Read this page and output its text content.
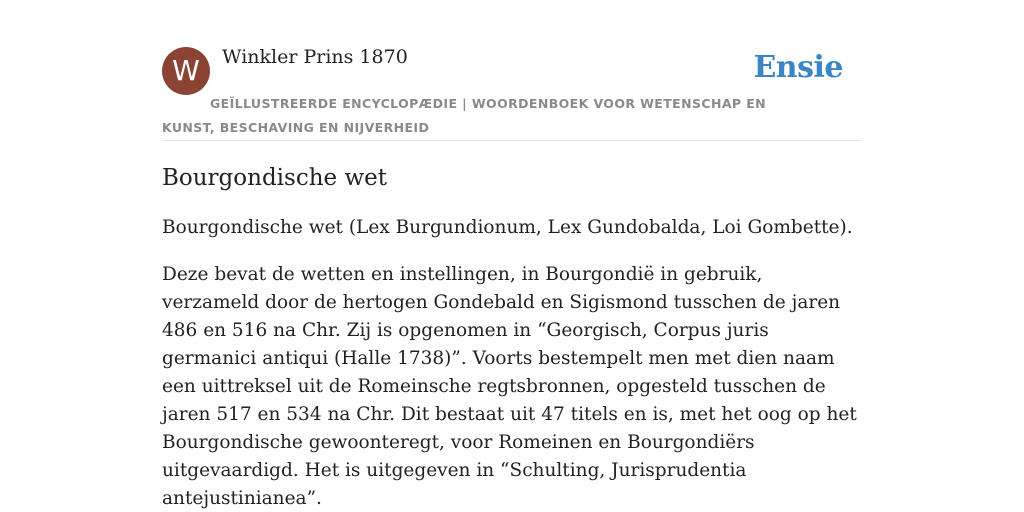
W	Winkler Prins 1870	Ensie
GEÏLLUSTREERDE ENCYCLOPÆDIE | WOORDENBOEK VOOR WETENSCHAP EN KUNST, BESCHAVING EN NIJVERHEID
Bourgondische wet

Bourgondische wet (Lex Burgundionum, Lex Gundobalda, Loi Gombette).

Deze bevat de wetten en instellingen, in Bourgondië in gebruik, verzameld door de hertogen Gondebald en Sigismond tusschen de jaren 486 en 516 na Chr. Zij is opgenomen in “Georgisch, Corpus juris germanici antiqui (Halle 1738)”. Voorts bestempelt men met dien naam een uittreksel uit de Romeinsche regtsbronnen, opgesteld tusschen de jaren 517 en 534 na Chr. Dit bestaat uit 47 titels en is, met het oog op het Bourgondische gewoonteregt, voor Romeinen en Bourgondiërs uitgevaardigd. Het is uitgegeven in “Schulting, Jurisprudentia antejustinianea”.
